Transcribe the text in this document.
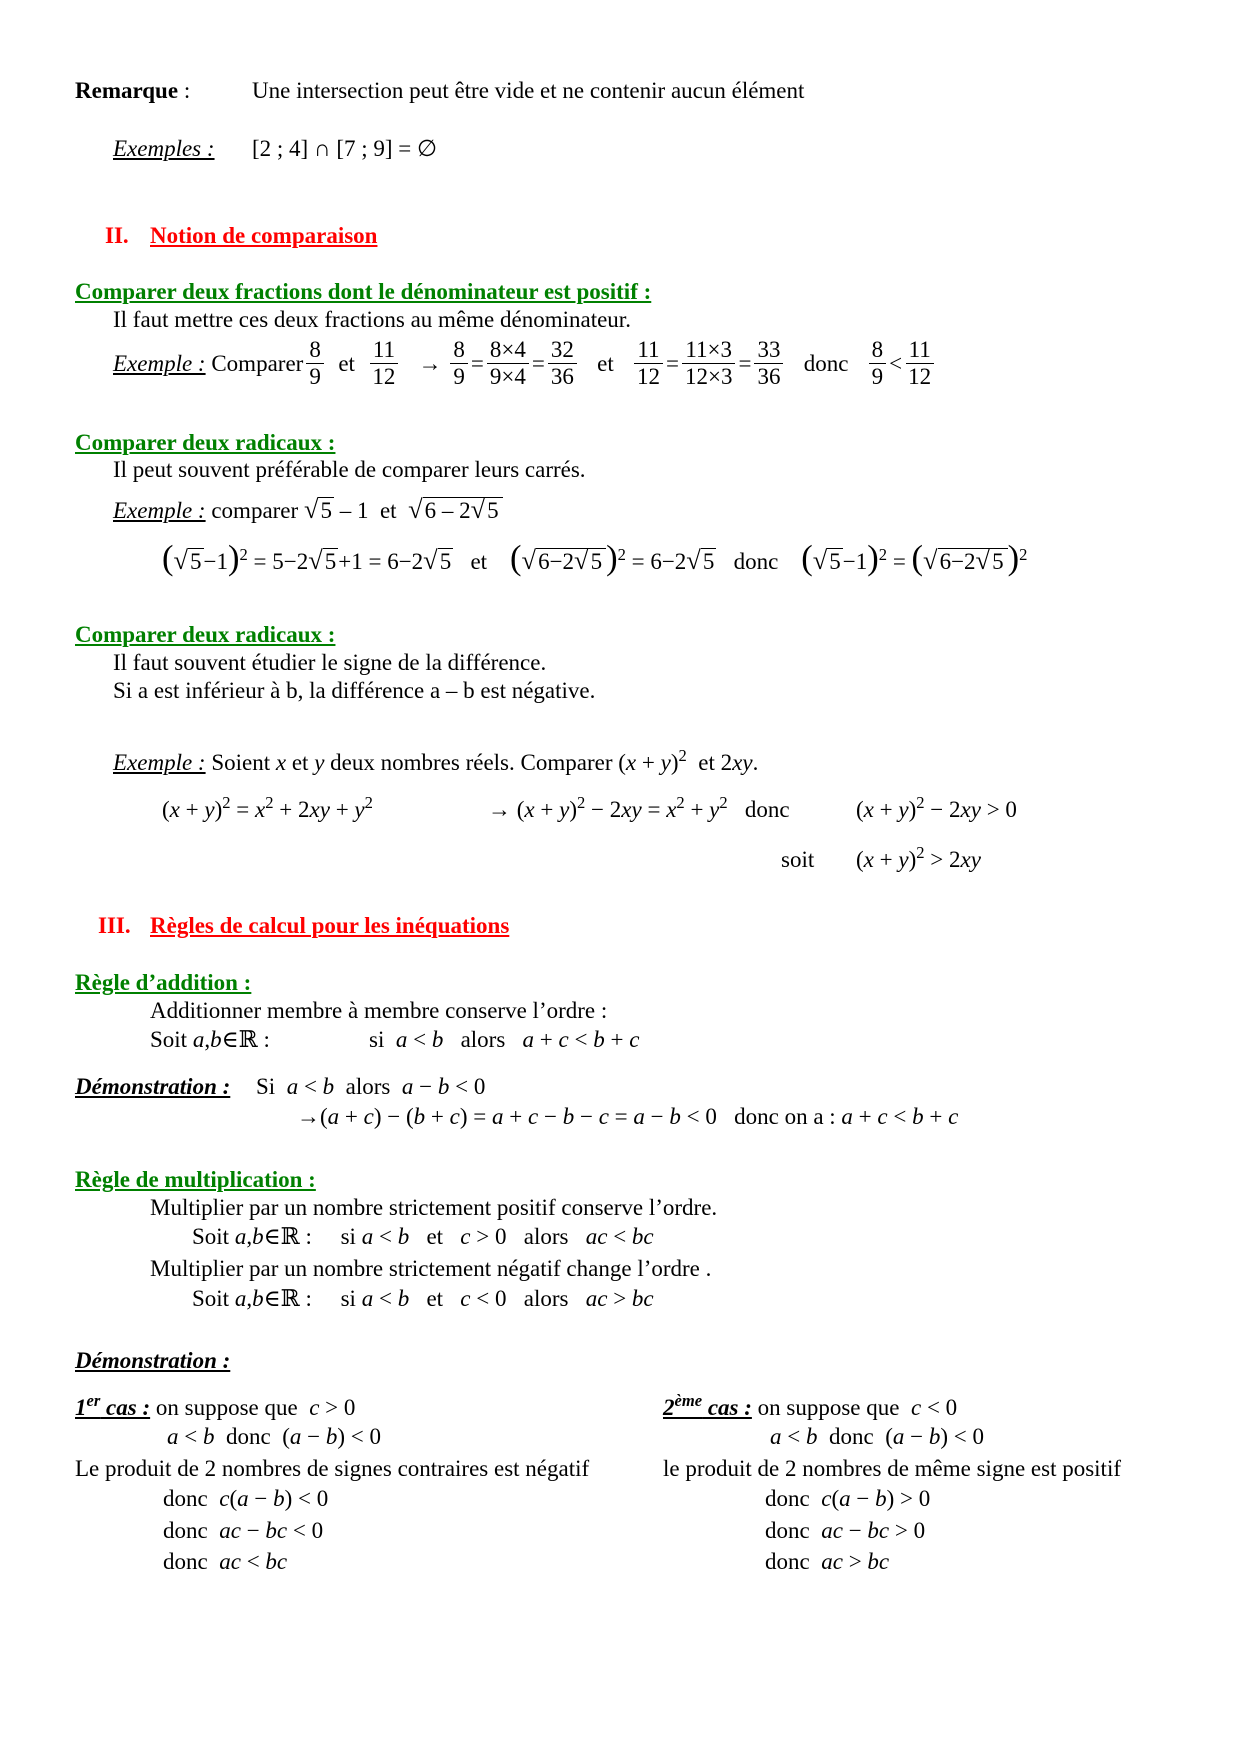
Remarque :	Une intersection peut être vide et ne contenir aucun élément
Exemples : [2 ; 4] ∩ [7 ; 9] = ∅
II. Notion de comparaison
Comparer deux fractions dont le dénominateur est positif :
Il faut mettre ces deux fractions au même dénominateur.
Exemple :
Comparer $\frac{8}{9}$
et
$\frac{11}{12}$
→
$\frac{8}{9} = \frac{8\times 4}{9\times 4} = \frac{32}{36}$
et
$\frac{11}{12} = \frac{11\times 3}{12\times 3} = \frac{33}{36}$
donc
$\frac{8}{9} < \frac{11}{12}$
Comparer deux radicaux :
Il peut souvent préférable de comparer leurs carrés.
Exemple : comparer √5 – 1  et √6 – 2√5
$(√5-1)^2 = 5-2√5+1 = 6-2√5$ et (√6−2√5 )$^2$ = 6−2√5 donc $(√5-1)^2 = (√6-2√5$ )$^2$
Comparer deux radicaux :
Il faut souvent étudier le signe de la différence.
Si a est inférieur à b, la différence a – b est négative.
Exemple : Soient x et y deux nombres réels. Comparer $(x + y)^2$ et 2xy.
$(x + y)^2 = x^2 + 2xy + y^2$	→ $(x + y)^2 - 2xy = x^2 + y^2$ donc	$(x + y)^2 - 2xy > 0$
soit $(x + y)^2 > 2xy$
III. Règles de calcul pour les inéquations
Règle d’addition :
Additionner membre à membre conserve l’ordre :
Soit a,b∈ℝ :	si a < b alors a + c < b + c
Démonstration : Si a < b alors a − b < 0
→(a + c) − (b + c) = a + c − b − c = a − b < 0   donc on a : a + c < b + c
Règle de multiplication :
Multiplier par un nombre strictement positif conserve l’ordre.
Soit a,b∈ℝ :     si a < b et c > 0   alors ac < bc
Multiplier par un nombre strictement négatif change l’ordre .
Soit a,b∈ℝ :     si a < b et c < 0   alors ac > bc
Démonstration :
1er cas : on suppose que c > 0
a < b donc  (a − b) < 0
Le produit de 2 nombres de signes contraires est négatif
donc c(a − b) < 0
donc ac − bc < 0
donc ac < bc
2ème cas : on suppose que c < 0
a < b donc  (a − b) < 0
le produit de 2 nombres de même signe est positif
donc c(a − b) > 0
donc ac − bc > 0
donc ac > bc
